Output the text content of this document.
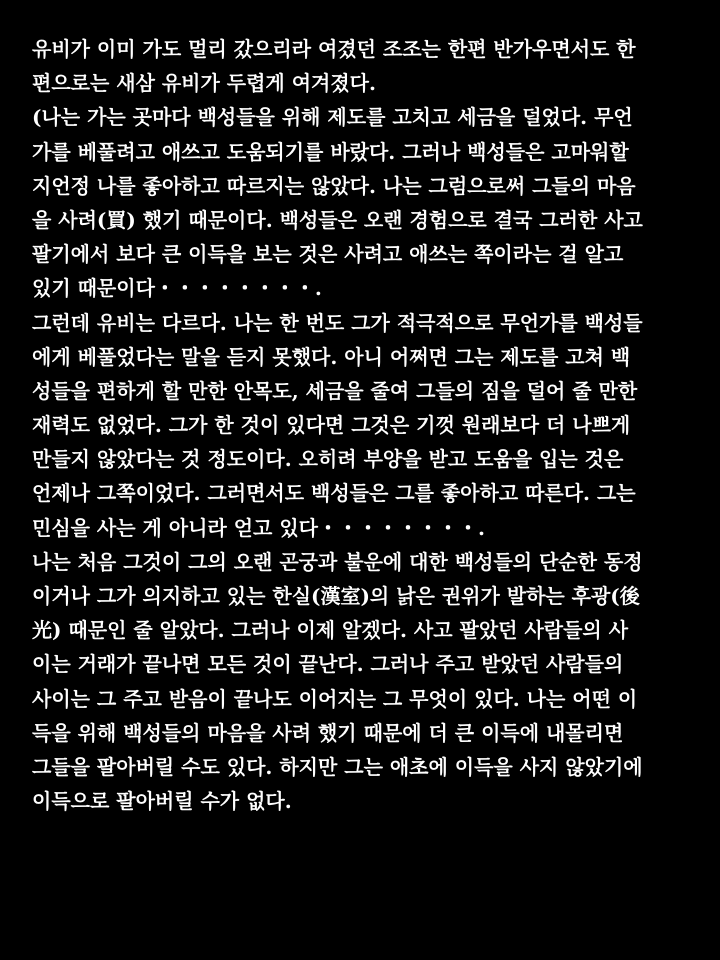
유비가 이미 가도 멀리 갔으리라 여겼던 조조는 한편 반가우면서도 한
편으로는 새삼 유비가 두렵게 여겨졌다.
(나는 가는 곳마다 백성들을 위해 제도를 고치고 세금을 덜었다. 무언
가를 베풀려고 애쓰고 도움되기를 바랐다. 그러나 백성들은 고마워할
지언정 나를 좋아하고 따르지는 않았다. 나는 그럼으로써 그들의 마음
을 사려(買) 했기 때문이다. 백성들은 오랜 경험으로 결국 그러한 사고
팔기에서 보다 큰 이득을 보는 것은 사려고 애쓰는 쪽이라는 걸 알고
있기 때문이다・・・・・・・・.
그런데 유비는 다르다. 나는 한 번도 그가 적극적으로 무언가를 백성들
에게 베풀었다는 말을 듣지 못했다. 아니 어쩌면 그는 제도를 고쳐 백
성들을 편하게 할 만한 안목도, 세금을 줄여 그들의 짐을 덜어 줄 만한
재력도 없었다. 그가 한 것이 있다면 그것은 기껏 원래보다 더 나쁘게
만들지 않았다는 것 정도이다. 오히려 부양을 받고 도움을 입는 것은
언제나 그쪽이었다. 그러면서도 백성들은 그를 좋아하고 따른다. 그는
민심을 사는 게 아니라 얻고 있다・・・・・・・・.
나는 처음 그것이 그의 오랜 곤궁과 불운에 대한 백성들의 단순한 동정
이거나 그가 의지하고 있는 한실(漢室)의 낡은 권위가 발하는 후광(後
光) 때문인 줄 알았다. 그러나 이제 알겠다. 사고 팔았던 사람들의 사
이는 거래가 끝나면 모든 것이 끝난다. 그러나 주고 받았던 사람들의
사이는 그 주고 받음이 끝나도 이어지는 그 무엇이 있다. 나는 어떤 이
득을 위해 백성들의 마음을 사려 했기 때문에 더 큰 이득에 내몰리면
그들을 팔아버릴 수도 있다. 하지만 그는 애초에 이득을 사지 않았기에
이득으로 팔아버릴 수가 없다.
